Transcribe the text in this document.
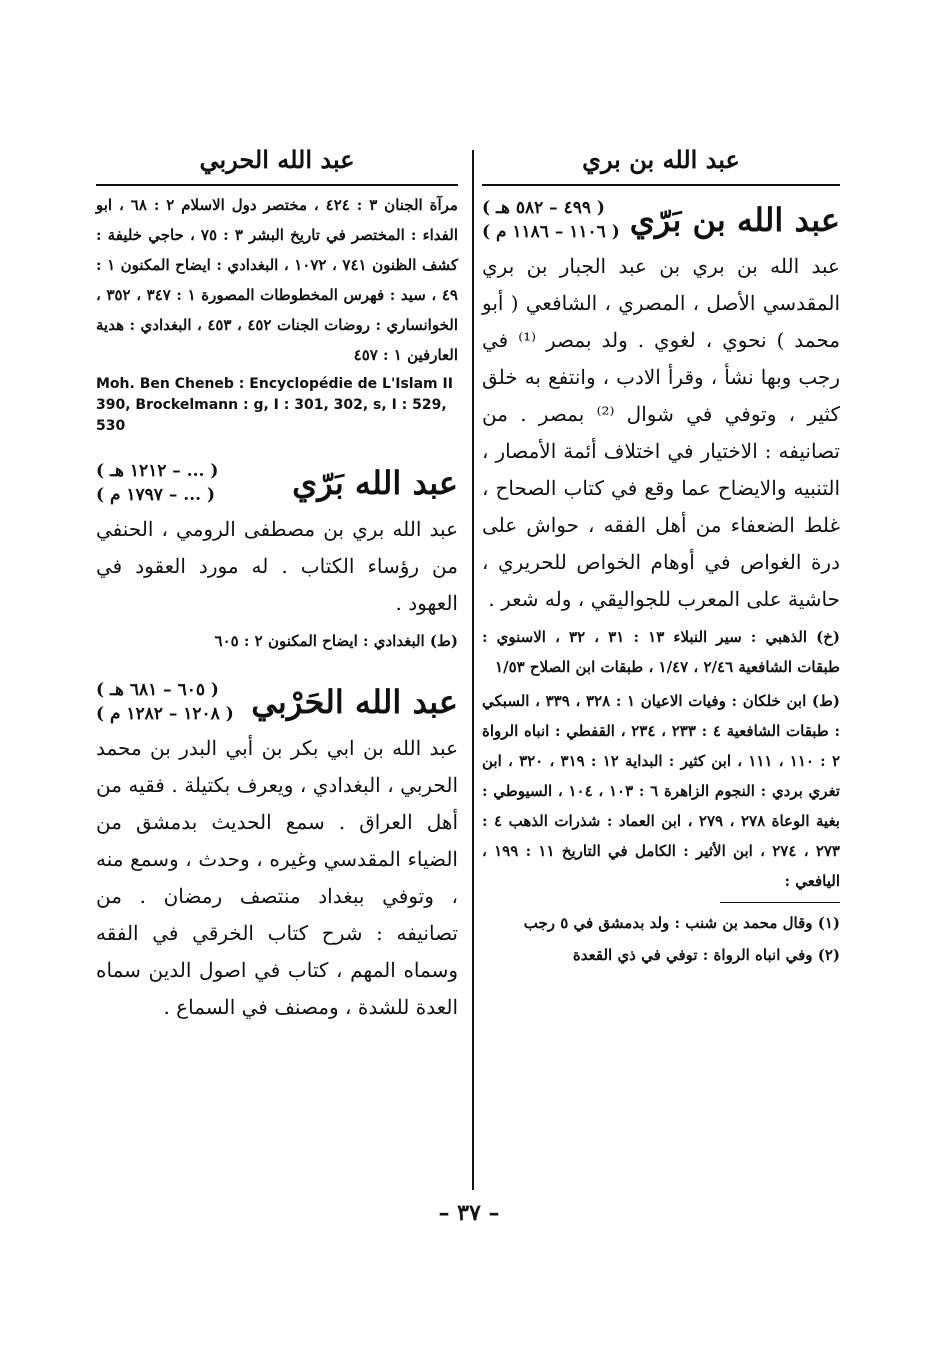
عبد الله بن بري
عبد الله بن بَرّي
( ٤٩٩ – ٥٨٢ هـ )
( ١١٠٦ – ١١٨٦ م )

عبد الله بن بري بن عبد الجبار بن بري المقدسي الأصل ، المصري ، الشافعي ( أبو محمد ) نحوي ، لغوي . ولد بمصر ⁽¹⁾ في رجب وبها نشأ ، وقرأ الادب ، وانتفع به خلق كثير ، وتوفي في شوال ⁽²⁾ بمصر . من تصانيفه : الاختيار في اختلاف أئمة الأمصار ، التنبيه والايضاح عما وقع في كتاب الصحاح ، غلط الضعفاء من أهل الفقه ، حواش على درة الغواص في أوهام الخواص للحريري ، حاشية على المعرب للجواليقي ، وله شعر .

(خ) الذهبي : سير النبلاء ١٣ : ٣١ ، ٣٢ ، الاسنوي : طبقات الشافعية ٢/٤٦ ، ١/٤٧ ، طبقات ابن الصلاح ١/٥٣

(ط) ابن خلكان : وفيات الاعيان ١ : ٣٢٨ ، ٣٣٩ ، السبكي : طبقات الشافعية ٤ : ٢٣٣ ، ٢٣٤ ، القفطي : انباه الرواة ٢ : ١١٠ ، ١١١ ، ابن كثير : البداية ١٢ : ٣١٩ ، ٣٢٠ ، ابن تغري بردي : النجوم الزاهرة ٦ : ١٠٣ ، ١٠٤ ، السيوطي : بغية الوعاة ٢٧٨ ، ٢٧٩ ، ابن العماد : شذرات الذهب ٤ : ٢٧٣ ، ٢٧٤ ، ابن الأثير : الكامل في التاريخ ١١ : ١٩٩ ، اليافعي :

(١) وقال محمد بن شنب : ولد بدمشق في ٥ رجب

(٢) وفي انباه الرواة : توفي في ذي القعدة

عبد الله الحربي

مرآة الجنان ٣ : ٤٢٤ ، مختصر دول الاسلام ٢ : ٦٨ ، ابو الفداء : المختصر في تاريخ البشر ٣ : ٧٥ ، حاجي خليفة : كشف الظنون ٧٤١ ، ١٠٧٢ ، البغدادي : ايضاح المكنون ١ : ٤٩ ، سيد : فهرس المخطوطات المصورة ١ : ٣٤٧ ، ٣٥٢ ، الخوانساري : روضات الجنات ٤٥٢ ، ٤٥٣ ، البغدادي : هدية العارفين ١ : ٤٥٧

Moh. Ben Cheneb : Encyclopédie de L'Islam II 390, Brockelmann : g, I : 301, 302, s, I : 529, 530

عبد الله بَرّي
( ... – ١٢١٢ هـ )
( ... – ١٧٩٧ م )

عبد الله بري بن مصطفى الرومي ، الحنفي من رؤساء الكتاب . له مورد العقود في العهود .

(ط) البغدادي : ايضاح المكنون ٢ : ٦٠٥

عبد الله الحَرْبي
( ٦٠٥ – ٦٨١ هـ )
( ١٢٠٨ – ١٢٨٢ م )

عبد الله بن ابي بكر بن أبي البدر بن محمد الحربي ، البغدادي ، ويعرف بكتيلة . فقيه من أهل العراق . سمع الحديث بدمشق من الضياء المقدسي وغيره ، وحدث ، وسمع منه ، وتوفي ببغداد منتصف رمضان . من تصانيفه : شرح كتاب الخرقي في الفقه وسماه المهم ، كتاب في اصول الدين سماه العدة للشدة ، ومصنف في السماع .

– ٣٧ –
